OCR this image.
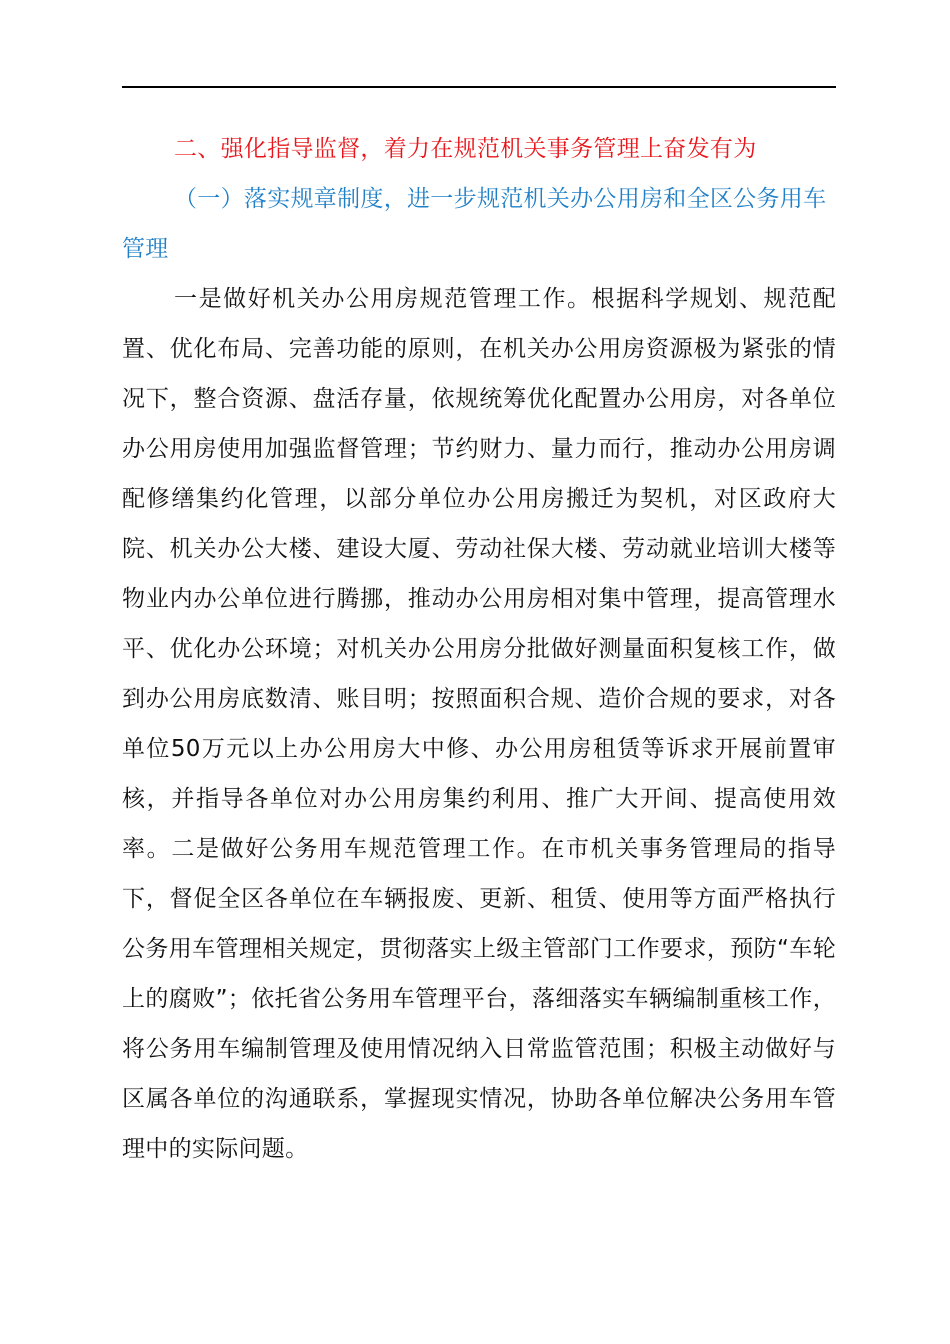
二、强化指导监督，着力在规范机关事务管理上奋发有为
（一）落实规章制度，进一步规范机关办公用房和全区公务用车管理

一是做好机关办公用房规范管理工作。根据科学规划、规范配置、优化布局、完善功能的原则，在机关办公用房资源极为紧张的情况下，整合资源、盘活存量，依规统筹优化配置办公用房，对各单位办公用房使用加强监督管理；节约财力、量力而行，推动办公用房调配修缮集约化管理，以部分单位办公用房搬迁为契机，对区政府大院、机关办公大楼、建设大厦、劳动社保大楼、劳动就业培训大楼等物业内办公单位进行腾挪，推动办公用房相对集中管理，提高管理水平、优化办公环境；对机关办公用房分批做好测量面积复核工作，做到办公用房底数清、账目明；按照面积合规、造价合规的要求，对各单位50万元以上办公用房大中修、办公用房租赁等诉求开展前置审核，并指导各单位对办公用房集约利用、推广大开间、提高使用效率。二是做好公务用车规范管理工作。在市机关事务管理局的指导下，督促全区各单位在车辆报废、更新、租赁、使用等方面严格执行公务用车管理相关规定，贯彻落实上级主管部门工作要求，预防“车轮上的腐败”；依托省公务用车管理平台，落细落实车辆编制重核工作，将公务用车编制管理及使用情况纳入日常监管范围；积极主动做好与区属各单位的沟通联系，掌握现实情况，协助各单位解决公务用车管理中的实际问题。
